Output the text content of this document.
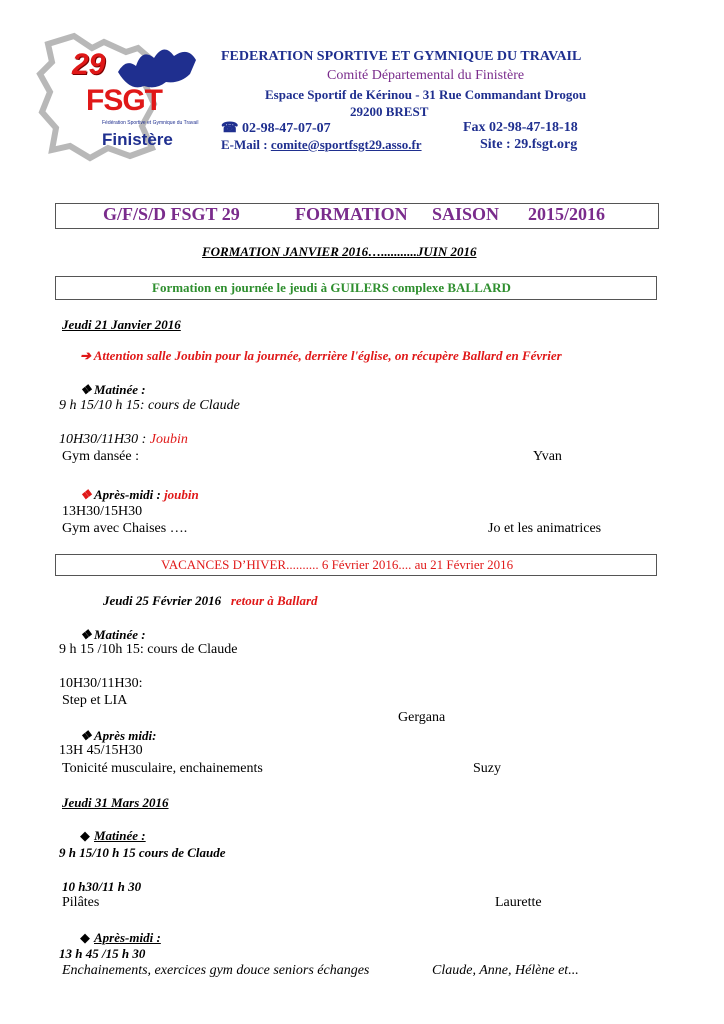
29
FSGT
Fédération Sportive et Gymnique du Travail
Finistère
FEDERATION SPORTIVE ET GYMNIQUE DU TRAVAIL
Comité Départemental du Finistère
Espace Sportif de Kérinou - 31 Rue Commandant Drogou
29200 BREST
☎ 02-98-47-07-07	Fax 02-98-47-18-18
E-Mail : comite@sportfsgt29.asso.fr	Site : 29.fsgt.org
G/F/S/D FSGT 29	FORMATION SAISON 2015/2016
FORMATION JANVIER 2016…...........JUIN 2016
Formation en journée le jeudi à GUILERS complexe BALLARD
Jeudi 21 Janvier 2016
➔ Attention salle Joubin pour la journée, derrière l'église, on récupère Ballard en Février
❖ Matinée :
9 h 15/10 h 15: cours de Claude
10H30/11H30 : Joubin
Gym dansée :	Yvan
❖ Après-midi : joubin
13H30/15H30
Gym avec Chaises ….	Jo et les animatrices
VACANCES D’HIVER.......... 6 Février 2016.... au 21 Février 2016
Jeudi 25 Février 2016 retour à Ballard
❖ Matinée :
9 h 15 /10h 15: cours de Claude
10H30/11H30:
Step et LIA
Gergana
❖ Après midi:
13H 45/15H30
Tonicité musculaire, enchainements	Suzy
Jeudi 31 Mars 2016
◆ Matinée :
9 h 15/10 h 15 cours de Claude
10 h30/11 h 30
Pilâtes	Laurette
◆ Après-midi :
13 h 45 /15 h 30
Enchainements, exercices gym douce seniors échanges	Claude, Anne, Hélène et...
